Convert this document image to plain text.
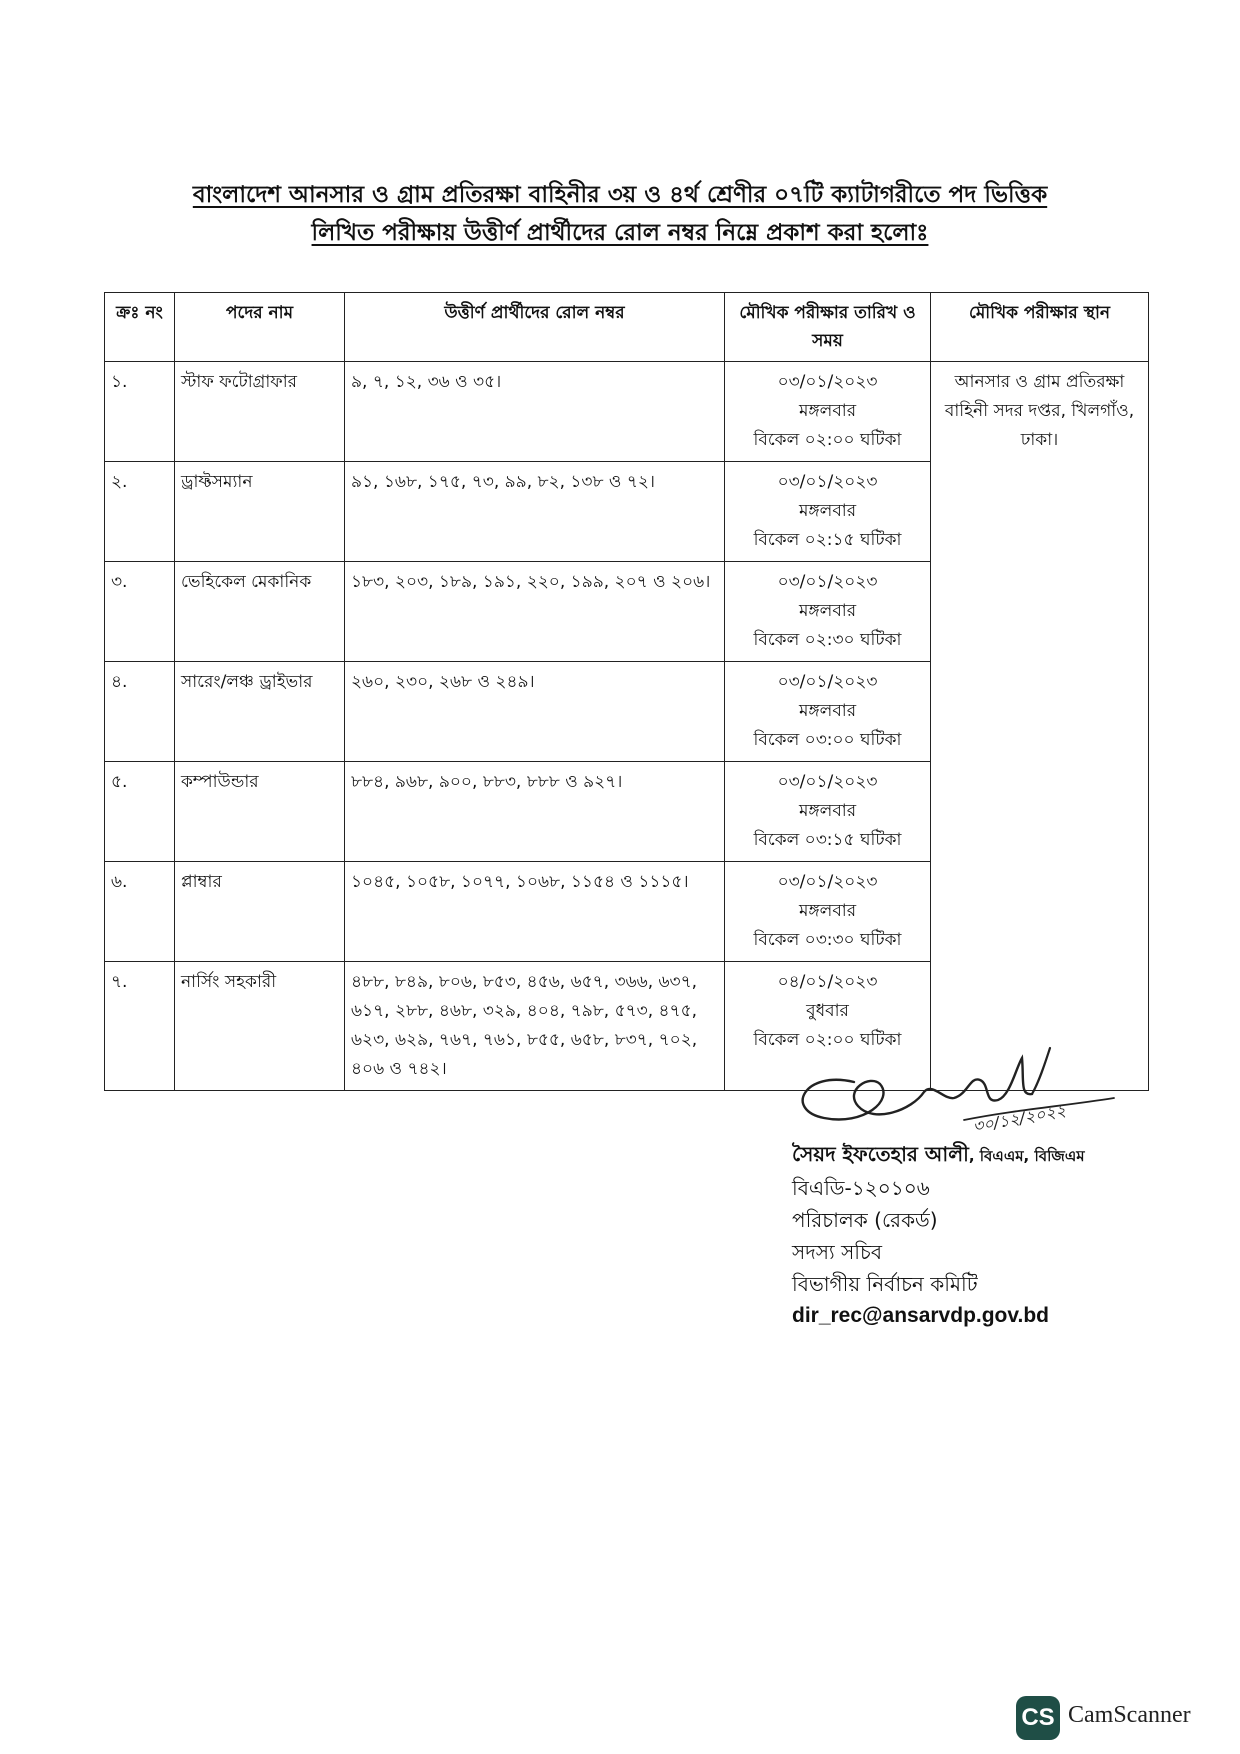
বাংলাদেশ আনসার ও গ্রাম প্রতিরক্ষা বাহিনীর ৩য় ও ৪র্থ শ্রেণীর ০৭টি ক্যাটাগরীতে পদ ভিত্তিক
লিখিত পরীক্ষায় উত্তীর্ণ প্রার্থীদের রোল নম্বর নিম্নে প্রকাশ করা হলোঃ
ক্রঃ নং	পদের নাম	উত্তীর্ণ প্রার্থীদের রোল নম্বর	মৌখিক পরীক্ষার তারিখ ও সময়	মৌখিক পরীক্ষার স্থান
১.	স্টাফ ফটোগ্রাফার	৯, ৭, ১২, ৩৬ ও ৩৫।	০৩/০১/২০২৩
মঙ্গলবার
বিকেল ০২:০০ ঘটিকা	আনসার ও গ্রাম প্রতিরক্ষা বাহিনী সদর দপ্তর, খিলগাঁও, ঢাকা।
২.	ড্রাফ্টসম্যান	৯১, ১৬৮, ১৭৫, ৭৩, ৯৯, ৮২, ১৩৮ ও ৭২।	০৩/০১/২০২৩
মঙ্গলবার
বিকেল ০২:১৫ ঘটিকা	

৩.	ভেহিকেল মেকানিক	১৮৩, ২০৩, ১৮৯, ১৯১, ২২০, ১৯৯, ২০৭ ও ২০৬।	০৩/০১/২০২৩
মঙ্গলবার
বিকেল ০২:৩০ ঘটিকা	

৪.	সারেং/লঞ্চ ড্রাইভার	২৬০, ২৩০, ২৬৮ ও ২৪৯।	০৩/০১/২০২৩
মঙ্গলবার
বিকেল ০৩:০০ ঘটিকা	

৫.	কম্পাউন্ডার	৮৮৪, ৯৬৮, ৯০০, ৮৮৩, ৮৮৮ ও ৯২৭।	০৩/০১/২০২৩
মঙ্গলবার
বিকেল ০৩:১৫ ঘটিকা	

৬.	প্লাম্বার	১০৪৫, ১০৫৮, ১০৭৭, ১০৬৮, ১১৫৪ ও ১১১৫।	০৩/০১/২০২৩
মঙ্গলবার
বিকেল ০৩:৩০ ঘটিকা	

৭.	নার্সিং সহকারী	৪৮৮, ৮৪৯, ৮০৬, ৮৫৩, ৪৫৬, ৬৫৭, ৩৬৬, ৬৩৭, ৬১৭, ২৮৮, ৪৬৮, ৩২৯, ৪০৪, ৭৯৮, ৫৭৩, ৪৭৫, ৬২৩, ৬২৯, ৭৬৭, ৭৬১, ৮৫৫, ৬৫৮, ৮৩৭, ৭০২, ৪০৬ ও ৭৪২।	০৪/০১/২০২৩
বুধবার
বিকেল ০২:০০ ঘটিকা	
৩০/১২/২০২২
সৈয়দ ইফতেহার আলী, বিএএম, বিজিএম
বিএডি-১২০১০৬
পরিচালক (রেকর্ড)
সদস্য সচিব
বিভাগীয় নির্বাচন কমিটি
dir_rec@ansarvdp.gov.bd
CS CamScanner
